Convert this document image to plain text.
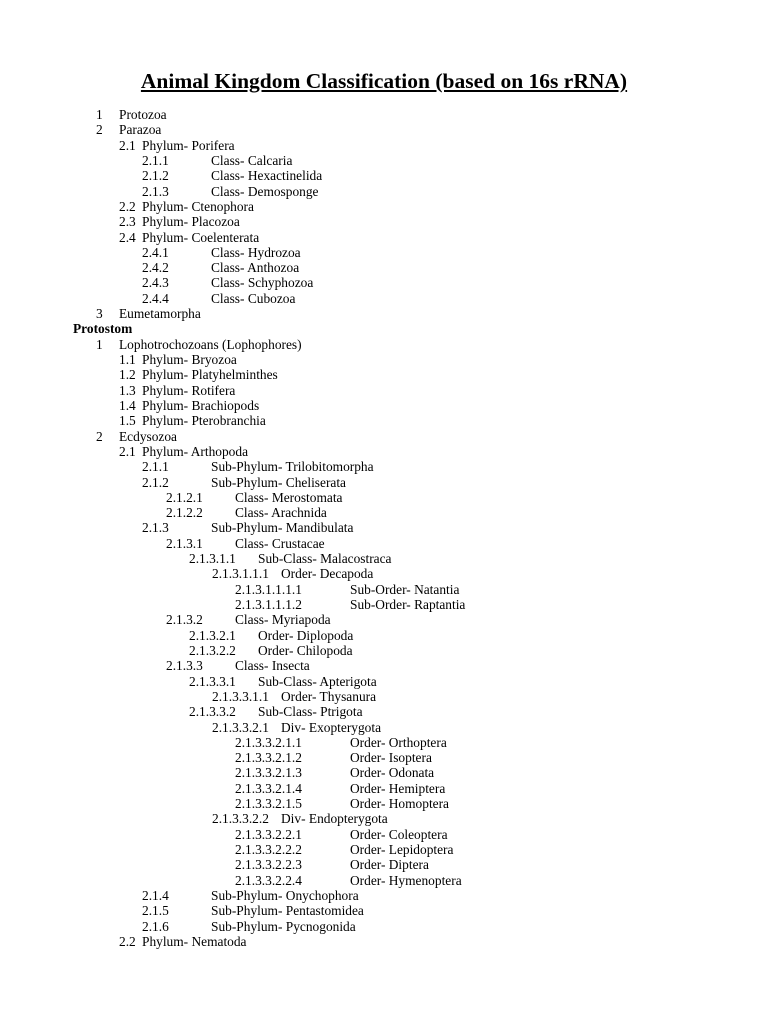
Animal Kingdom Classification (based on 16s rRNA)
1 Protozoa
2 Parazoa
2.1 Phylum- Porifera
2.1.1	Class- Calcaria
2.1.2	Class- Hexactinelida
2.1.3	Class- Demosponge
2.2 Phylum- Ctenophora
2.3 Phylum- Placozoa
2.4 Phylum- Coelenterata
2.4.1	Class- Hydrozoa
2.4.2	Class- Anthozoa
2.4.3	Class- Schyphozoa
2.4.4	Class- Cubozoa
3 Eumetamorpha
Protostom
1 Lophotrochozoans (Lophophores)
1.1 Phylum- Bryozoa
1.2 Phylum- Platyhelminthes
1.3 Phylum- Rotifera
1.4 Phylum- Brachiopods
1.5 Phylum- Pterobranchia
2 Ecdysozoa
2.1 Phylum- Arthopoda
2.1.1	Sub-Phylum- Trilobitomorpha
2.1.2	Sub-Phylum- Cheliserata
2.1.2.1 Class- Merostomata
2.1.2.2 Class- Arachnida
2.1.3	Sub-Phylum- Mandibulata
2.1.3.1 Class- Crustacae
2.1.3.1.1 Sub-Class- Malacostraca
2.1.3.1.1.1 Order- Decapoda
2.1.3.1.1.1.1	Sub-Order- Natantia
2.1.3.1.1.1.2	Sub-Order- Raptantia
2.1.3.2 Class- Myriapoda
2.1.3.2.1 Order- Diplopoda
2.1.3.2.2 Order- Chilopoda
2.1.3.3 Class- Insecta
2.1.3.3.1 Sub-Class- Apterigota
2.1.3.3.1.1 Order- Thysanura
2.1.3.3.2 Sub-Class- Ptrigota
2.1.3.3.2.1 Div- Exopterygota
2.1.3.3.2.1.1	Order- Orthoptera
2.1.3.3.2.1.2	Order- Isoptera
2.1.3.3.2.1.3	Order- Odonata
2.1.3.3.2.1.4	Order- Hemiptera
2.1.3.3.2.1.5	Order- Homoptera
2.1.3.3.2.2 Div- Endopterygota
2.1.3.3.2.2.1	Order- Coleoptera
2.1.3.3.2.2.2	Order- Lepidoptera
2.1.3.3.2.2.3	Order- Diptera
2.1.3.3.2.2.4	Order- Hymenoptera
2.1.4	Sub-Phylum- Onychophora
2.1.5	Sub-Phylum- Pentastomidea
2.1.6	Sub-Phylum- Pycnogonida
2.2 Phylum- Nematoda
